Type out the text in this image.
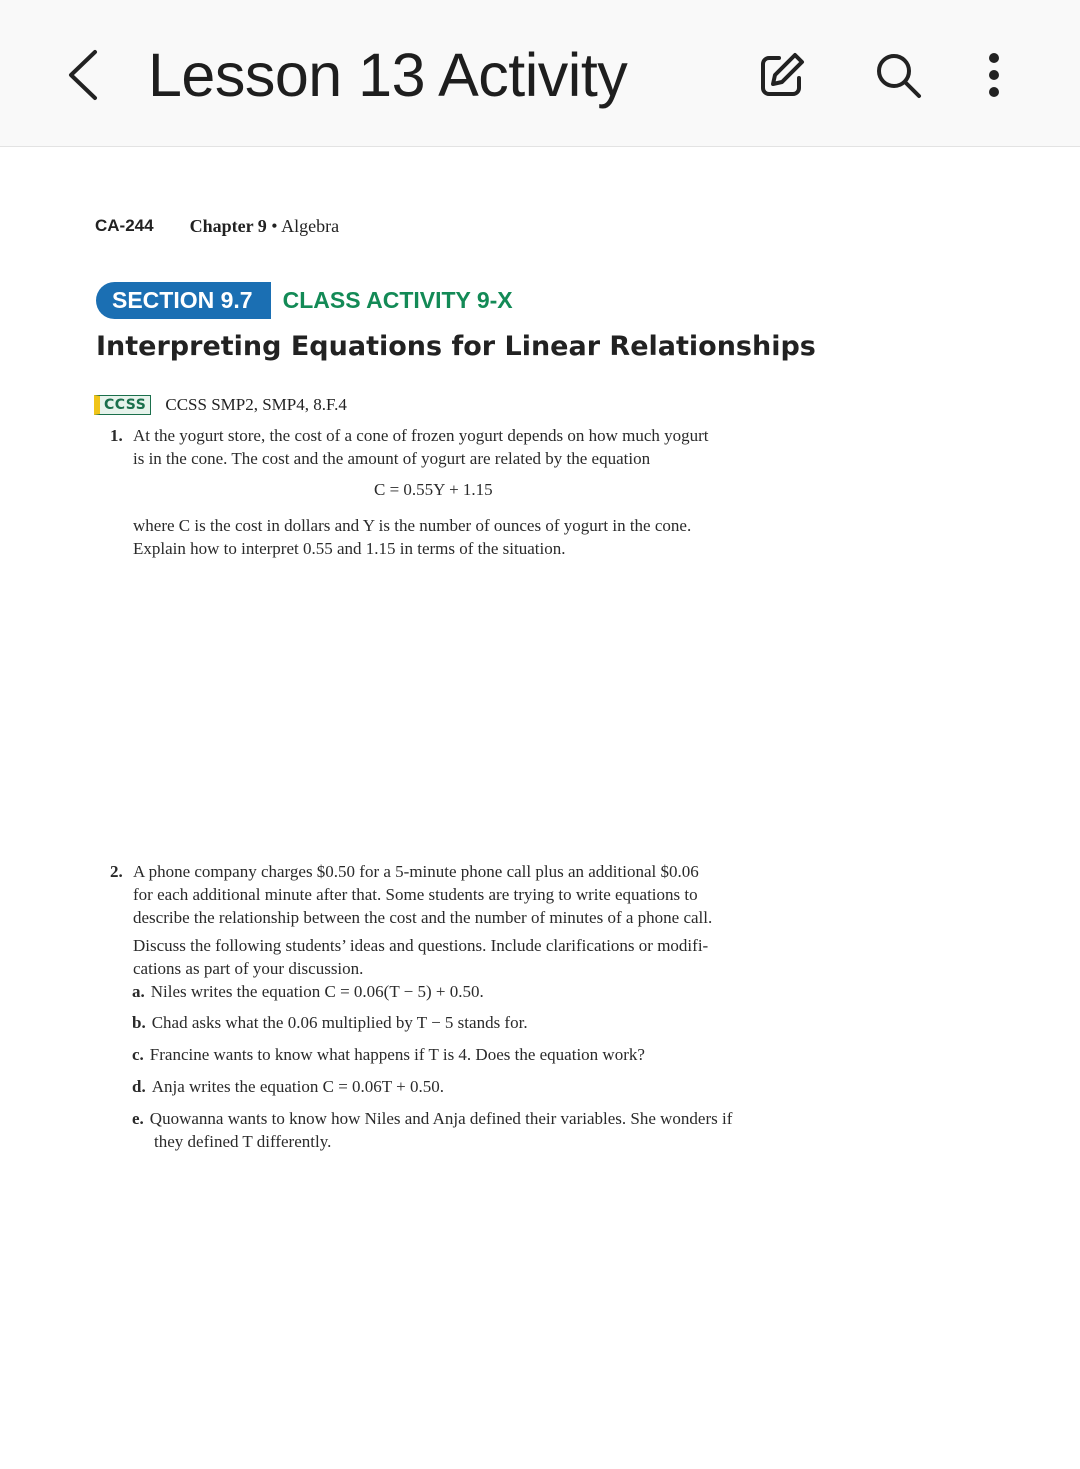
Lesson 13 Activity
CA-244 Chapter 9 • Algebra
SECTION 9.7	CLASS ACTIVITY 9-X
Interpreting Equations for Linear Relationships
CCSS CCSS SMP2, SMP4, 8.F.4
1. At the yogurt store, the cost of a cone of frozen yogurt depends on how much yogurt
is in the cone. The cost and the amount of yogurt are related by the equation
C = 0.55Y + 1.15
where C is the cost in dollars and Y is the number of ounces of yogurt in the cone.
Explain how to interpret 0.55 and 1.15 in terms of the situation.
2. A phone company charges $0.50 for a 5-minute phone call plus an additional $0.06
for each additional minute after that. Some students are trying to write equations to
describe the relationship between the cost and the number of minutes of a phone call.
Discuss the following students’ ideas and questions. Include clarifications or modifi-
cations as part of your discussion.
a. Niles writes the equation C = 0.06(T − 5) + 0.50.
b. Chad asks what the 0.06 multiplied by T − 5 stands for.
c. Francine wants to know what happens if T is 4. Does the equation work?
d. Anja writes the equation C = 0.06T + 0.50.
e. Quowanna wants to know how Niles and Anja defined their variables. She wonders if
they defined T differently.
